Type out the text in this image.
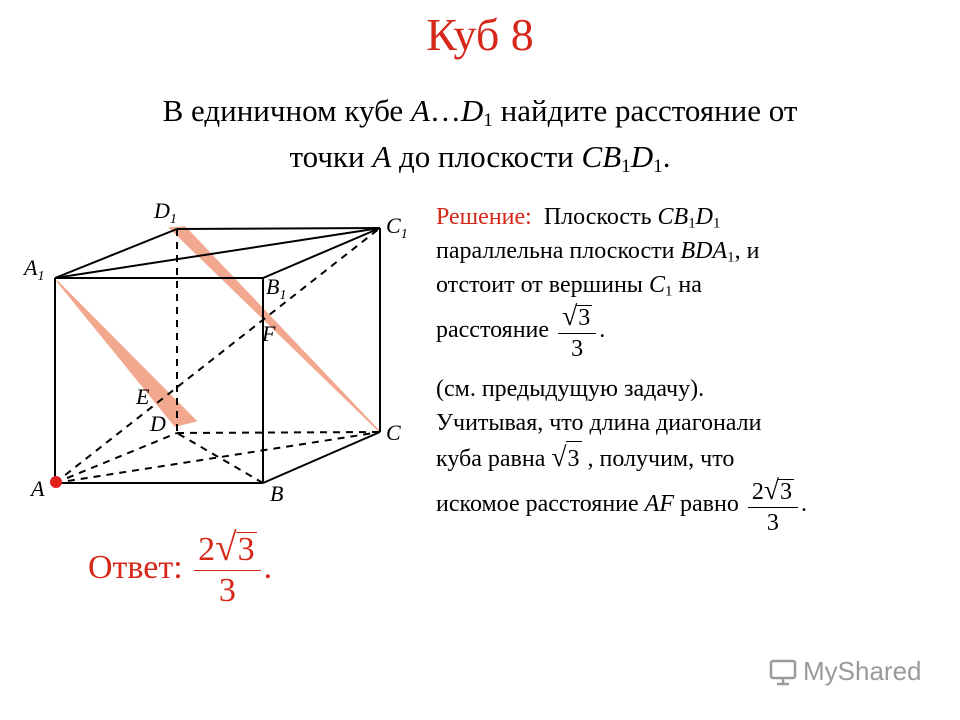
Куб 8
В единичном кубе $A\dots D_1$ найдите расстояние от
точки A до плоскости $CB_1D_1$.
$D_1$	$C_1$
$A_1$	$B_1$
F
E
D	C
A	B
Решение: Плоскость $CB_1D_1$
параллельна плоскости $BDA_1$, и
отстоит от вершины $C_1$ на
расстояние $\frac{√3}{3}$ .
(см. предыдущую задачу).
Учитывая, что длина диагонали
куба равна √3 , получим, что
искомое расстояние AF равно $\frac{2√3}{3}$ .
Ответ:
$\frac{2√3}{3}$ .
MyShared
